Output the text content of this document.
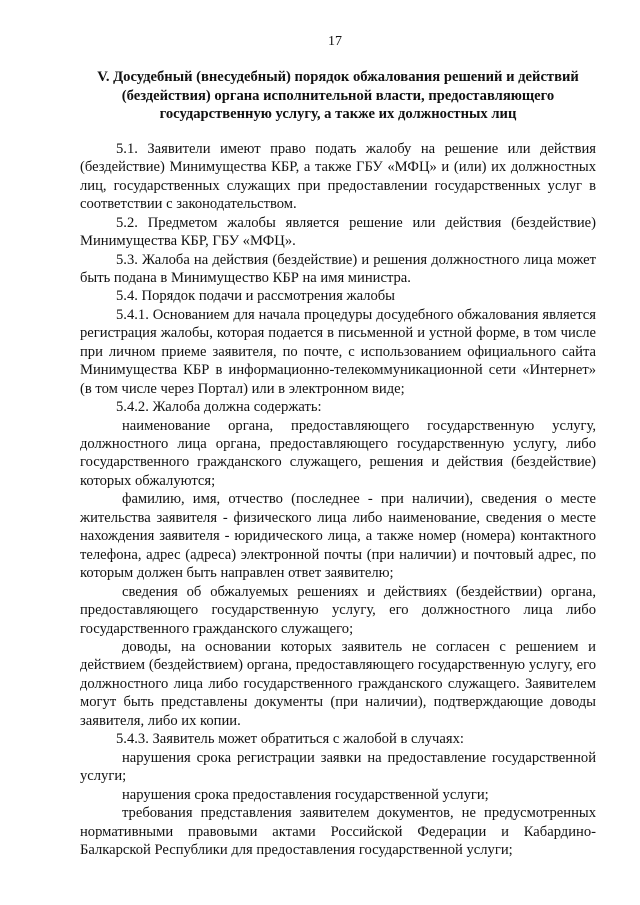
17
V. Досудебный (внесудебный) порядок обжалования решений и действий
(бездействия) органа исполнительной власти, предоставляющего
государственную услугу, а также их должностных лиц

5.1. Заявители имеют право подать жалобу на решение или действия (бездействие) Минимущества КБР, а также ГБУ «МФЦ» и (или) их должностных лиц, государственных служащих при предоставлении государственных услуг в соответствии с законодательством.

5.2. Предметом жалобы является решение или действия (бездействие) Минимущества КБР, ГБУ «МФЦ».

5.3. Жалоба на действия (бездействие) и решения должностного лица может быть подана в Минимущество КБР на имя министра.

5.4. Порядок подачи и рассмотрения жалобы

5.4.1. Основанием для начала процедуры досудебного обжалования является регистрация жалобы, которая подается в письменной и устной форме, в том числе при личном приеме заявителя, по почте, с использованием официального сайта Минимущества КБР в информационно-телекоммуникационной сети «Интернет» (в том числе через Портал) или в электронном виде;

5.4.2. Жалоба должна содержать:

наименование органа, предоставляющего государственную услугу, должностного лица органа, предоставляющего государственную услугу, либо государственного гражданского служащего, решения и действия (бездействие) которых обжалуются;

фамилию, имя, отчество (последнее - при наличии), сведения о месте жительства заявителя - физического лица либо наименование, сведения о месте нахождения заявителя - юридического лица, а также номер (номера) контактного телефона, адрес (адреса) электронной почты (при наличии) и почтовый адрес, по которым должен быть направлен ответ заявителю;

сведения об обжалуемых решениях и действиях (бездействии) органа, предоставляющего государственную услугу, его должностного лица либо государственного гражданского служащего;

доводы, на основании которых заявитель не согласен с решением и действием (бездействием) органа, предоставляющего государственную услугу, его должностного лица либо государственного гражданского служащего. Заявителем могут быть представлены документы (при наличии), подтверждающие доводы заявителя, либо их копии.

5.4.3. Заявитель может обратиться с жалобой в случаях:

нарушения срока регистрации заявки на предоставление государственной услуги;

нарушения срока предоставления государственной услуги;

требования представления заявителем документов, не предусмотренных нормативными правовыми актами Российской Федерации и Кабардино-Балкарской Республики для предоставления государственной услуги;
